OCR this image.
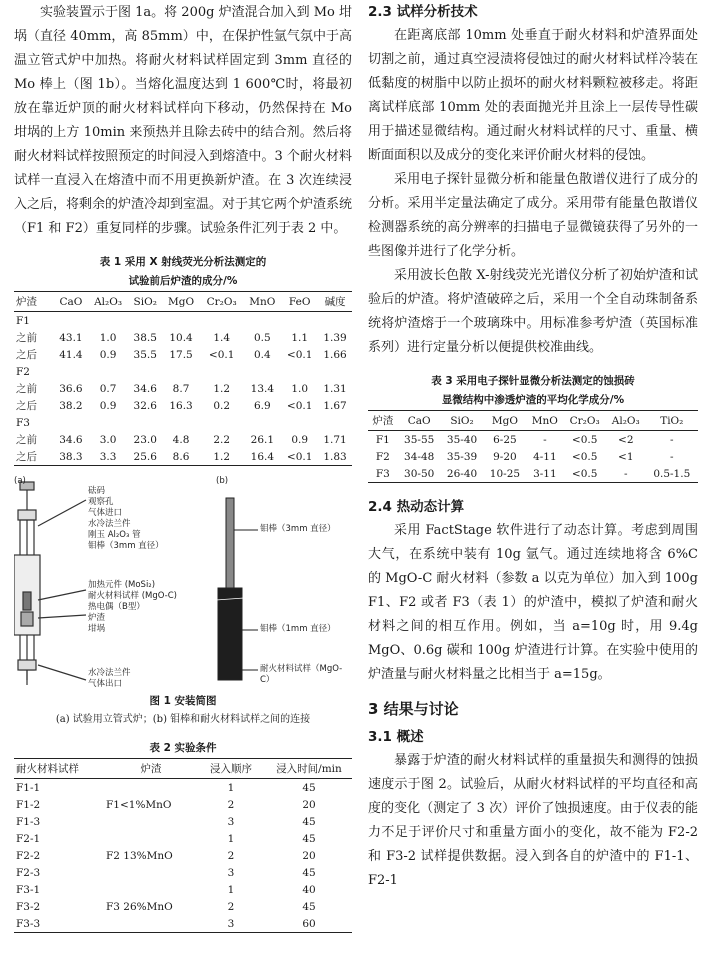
实验装置示于图 1a。将 200g 炉渣混合加入到 Mo 坩埚（直径 40mm，高 85mm）中，在保护性氩气氛中于高温立管式炉中加热。将耐火材料试样固定到 3mm 直径的 Mo 棒上（图 1b）。当熔化温度达到 1 600℃时，将最初放在靠近炉顶的耐火材料试样向下移动，仍然保持在 Mo 坩埚的上方 10min 来预热并且除去砖中的结合剂。然后将耐火材料试样按照预定的时间浸入到熔渣中。3 个耐火材料试样一直浸入在熔渣中而不用更换新炉渣。在 3 次连续浸入之后，将剩余的炉渣冷却到室温。对于其它两个炉渣系统（F1 和 F2）重复同样的步骤。试验条件汇列于表 2 中。

表 1 采用 X 射线荧光分析法测定的

试验前后炉渣的成分/%

炉渣	CaO	Al₂O₃	SiO₂	MgO	Cr₂O₃	MnO	FeO	碱度
F1								
之前	43.1	1.0	38.5	10.4	1.4	0.5	1.1	1.39
之后	41.4	0.9	35.5	17.5	<0.1	0.4	<0.1	1.66
F2								
之前	36.6	0.7	34.6	8.7	1.2	13.4	1.0	1.31
之后	38.2	0.9	32.6	16.3	0.2	6.9	<0.1	1.67
F3								
之前	34.6	3.0	23.0	4.8	2.2	26.1	0.9	1.71
之后	38.3	3.3	25.6	8.6	1.2	16.4	<0.1	1.83
(a)	(b)
砝码
观察孔
气体进口
水冷法兰件
刚玉 Al₂O₃ 管
钼棒（3mm 直径）
加热元件 (MoSi₂)
耐火材料试样 (MgO-C)
热电偶（B型）
炉渣
坩埚
水冷法兰件
气体出口
钼棒（3mm 直径）
钼棒（1mm 直径）
耐火材料试样（MgO-C）

图 1 安装简图

(a) 试验用立管式炉；(b) 钼棒和耐火材料试样之间的连接

表 2 实验条件

耐火材料试样	炉渣	浸入顺序	浸入时间/min
F1-1		1	45
F1-2	F1<1%MnO	2	20
F1-3		3	45
F2-1		1	45
F2-2	F2 13%MnO	2	20
F2-3		3	45
F3-1		1	40
F3-2	F3 26%MnO	2	45
F3-3		3	60

2.3 试样分析技术

在距离底部 10mm 处垂直于耐火材料和炉渣界面处切割之前，通过真空浸渍将侵蚀过的耐火材料试样冷装在低黏度的树脂中以防止损坏的耐火材料颗粒被移走。将距离试样底部 10mm 处的表面抛光并且涂上一层传导性碳用于描述显微结构。通过耐火材料试样的尺寸、重量、横断面面积以及成分的变化来评价耐火材料的侵蚀。

采用电子探针显微分析和能量色散谱仪进行了成分的分析。采用半定量法确定了成分。采用带有能量色散谱仪检测器系统的高分辨率的扫描电子显微镜获得了另外的一些图像并进行了化学分析。

采用波长色散 X-射线荧光光谱仪分析了初始炉渣和试验后的炉渣。将炉渣破碎之后，采用一个全自动珠制备系统将炉渣熔于一个玻璃珠中。用标准参考炉渣（英国标准系列）进行定量分析以便提供校准曲线。

表 3 采用电子探针显微分析法测定的蚀损砖

显微结构中渗透炉渣的平均化学成分/%

炉渣	CaO	SiO₂	MgO	MnO	Cr₂O₃	Al₂O₃	TiO₂
F1	35-55	35-40	6-25	-	<0.5	<2	-
F2	34-48	35-39	9-20	4-11	<0.5	<1	-
F3	30-50	26-40	10-25	3-11	<0.5	-	0.5-1.5

2.4 热动态计算

采用 FactStage 软件进行了动态计算。考虑到周围大气，在系统中装有 10g 氩气。通过连续地将含 6%C 的 MgO-C 耐火材料（参数 a 以克为单位）加入到 100g F1、F2 或者 F3（表 1）的炉渣中，模拟了炉渣和耐火材料之间的相互作用。例如，当 a=10g 时，用 9.4g MgO、0.6g 碳和 100g 炉渣进行计算。在实验中使用的炉渣量与耐火材料量之比相当于 a=15g。

3 结果与讨论

3.1 概述

暴露于炉渣的耐火材料试样的重量损失和测得的蚀损速度示于图 2。试验后，从耐火材料试样的平均直径和高度的变化（测定了 3 次）评价了蚀损速度。由于仪表的能力不足于评价尺寸和重量方面小的变化，故不能为 F2-2 和 F3-2 试样提供数据。浸入到各自的炉渣中的 F1-1、F2-1
